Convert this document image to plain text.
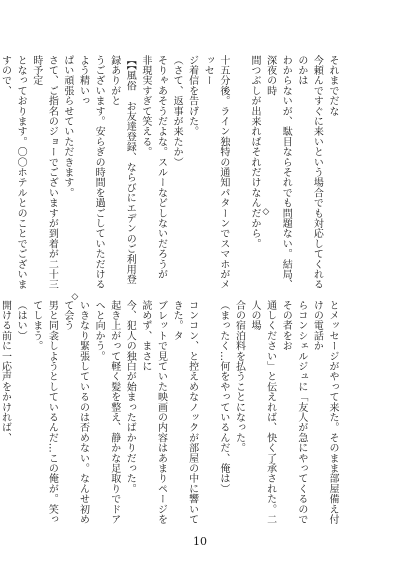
それまでだな

今頼んですぐに来いという場合でも対応してくれるのかは

わからないが、駄目ならそれでも問題ない。結局、深夜の時

間つぶしが出来ればそれだけなんだから。

十五分後。ライン独特の通知パターンでスマホがメッセー

ジ着信を告げた。

（さて、返事が来たか）

そりゃあそうだよな。スルーなどしないだろうが

非現実すぎて笑える。

【【風俗　お友達登録、ならびにエデンのご利用登録ありがと

うございます。安らぎの時間を過ごしていただけるよう精いっ

ぱい頑張らせていただきます。

さて、ご指名のジョーでございますが到着が二十三時予定

となっております。〇〇ホテルとのことでございますので、

◇
◇

とメッセージがやって来た。そのまま部屋備え付けの電話か

らコンシェルジュに「友人が急にやってくるのでその者をお

通しください」と伝えれば、快く了承された。二人の場

合の宿泊料を払うことになった。

（まったく…何をやっているんだ、俺は）

コンコン、と控えめなノックが部屋の中に響いてきた。タ

ブレットで見ていた映画の内容はあまりページを読めず、まさに

今、犯人の独白が始まったばかりだった。

起き上がって軽く髪を整え、静かな足取りでドアへと向かう。

いきなり緊張しているのは否めない。なんせ初めて会う

男と同衾しようとしているんだ…この俺が。笑ってしまう。

（はい）

開ける前に一応声をかければ、

10
